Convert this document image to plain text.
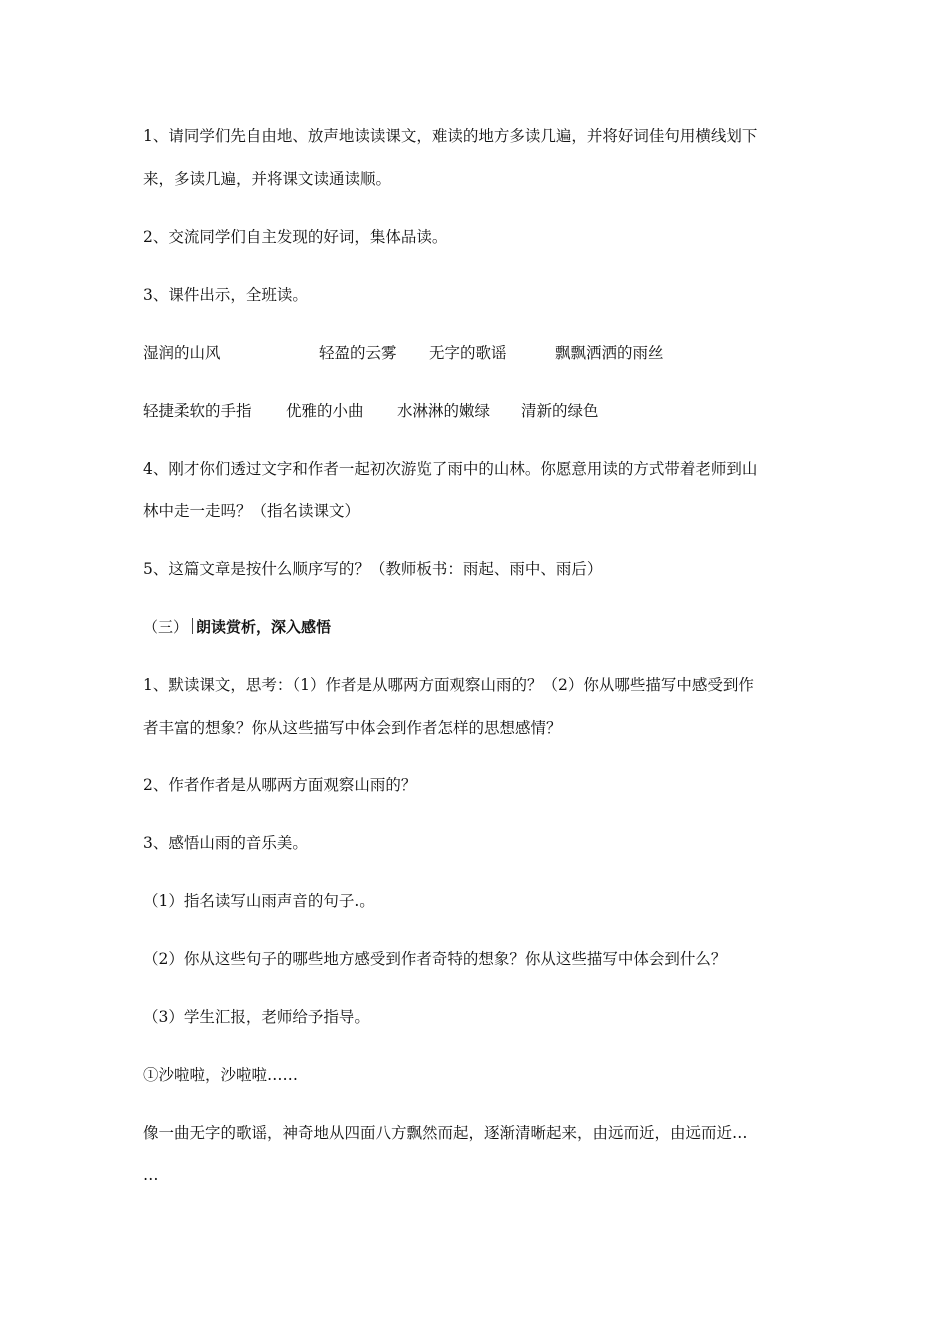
1、请同学们先自由地、放声地读读课文，难读的地方多读几遍，并将好词佳句用横线划下
来，多读几遍，并将课文读通读顺。
2、交流同学们自主发现的好词，集体品读。
3、课件出示，全班读。
湿润的山风	轻盈的云雾 无字的歌谣	飘飘洒洒的雨丝
轻捷柔软的手指 优雅的小曲 水淋淋的嫩绿 清新的绿色
4、刚才你们透过文字和作者一起初次游览了雨中的山林。你愿意用读的方式带着老师到山
林中走一走吗？（指名读课文）
5、这篇文章是按什么顺序写的？（教师板书：雨起、雨中、雨后）
（三） 朗读赏析，深入感悟
1、默读课文，思考：（1）作者是从哪两方面观察山雨的？（2）你从哪些描写中感受到作
者丰富的想象？你从这些描写中体会到作者怎样的思想感情？
2、作者作者是从哪两方面观察山雨的？
3、感悟山雨的音乐美。
（1）指名读写山雨声音的句子.。
（2）你从这些句子的哪些地方感受到作者奇特的想象？你从这些描写中体会到什么？
（3）学生汇报，老师给予指导。
①沙啦啦，沙啦啦……
像一曲无字的歌谣，神奇地从四面八方飘然而起，逐渐清晰起来，由远而近，由远而近…
…
